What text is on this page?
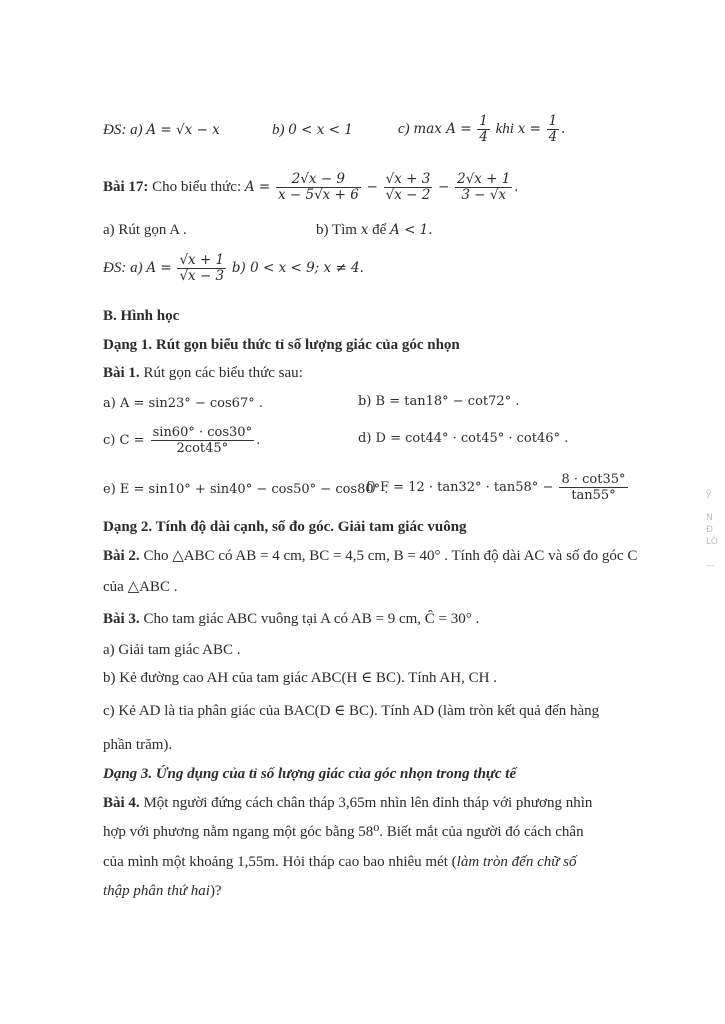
ỹ

N
Đ
LÓ

—
ĐS: a) A = √x − x	b) 0 < x < 1	c) $\max A = \frac{1}{4}$ khi $x = \frac{1}{4}$ .
Bài 17: Cho biểu thức: $A = \frac{2√x - 9}{x - 5√x + 6} - \frac{√x + 3}{√x - 2} - \frac{2√x + 1}{3 - √x}$ .
a) Rút gọn A .	b) Tìm x để A < 1.
ĐS: a) $A = \frac{√x + 1}{√x - 3} b$) 0 < x < 9; x ≠ 4.
B. Hình học
Dạng 1. Rút gọn biểu thức tỉ số lượng giác của góc nhọn
Bài 1. Rút gọn các biểu thức sau:
a) A = sin23° − cos67° .	b) B = tan18° − cot72° .
c) $C = \frac{\sin 60^\circ \cdot \cos 30^\circ}{2\cot 45^\circ}$ .	d) D = cot44° · cot45° · cot46° .
e) E = sin10° + sin40° − cos50° − cos80° .
f) $F = 12 \cdot \tan 32^\circ \cdot \tan 58^\circ - \frac{8 \cdot \cot 35^\circ}{\tan 55^\circ}$
Dạng 2. Tính độ dài cạnh, số đo góc. Giải tam giác vuông
Bài 2. Cho △ABC có AB = 4 cm, BC = 4,5 cm, B = 40° . Tính độ dài AC và số đo góc C
của △ABC .
Bài 3. Cho tam giác ABC vuông tại A có AB = 9 cm, Ĉ = 30° .
a) Giải tam giác ABC .
b) Kẻ đường cao AH của tam giác ABC(H ∈ BC). Tính AH, CH .
c) Kẻ AD là tia phân giác của BAC(D ∈ BC). Tính AD (làm tròn kết quả đến hàng
phần trăm).
Dạng 3. Ứng dụng của tỉ số lượng giác của góc nhọn trong thực tế
Bài 4. Một người đứng cách chân tháp 3,65m nhìn lên đỉnh tháp với phương nhìn
hợp với phương nằm ngang một góc bằng 58⁰. Biết mắt của người đó cách chân
của mình một khoảng 1,55m. Hỏi tháp cao bao nhiêu mét (làm tròn đến chữ số
thập phân thứ hai)?
